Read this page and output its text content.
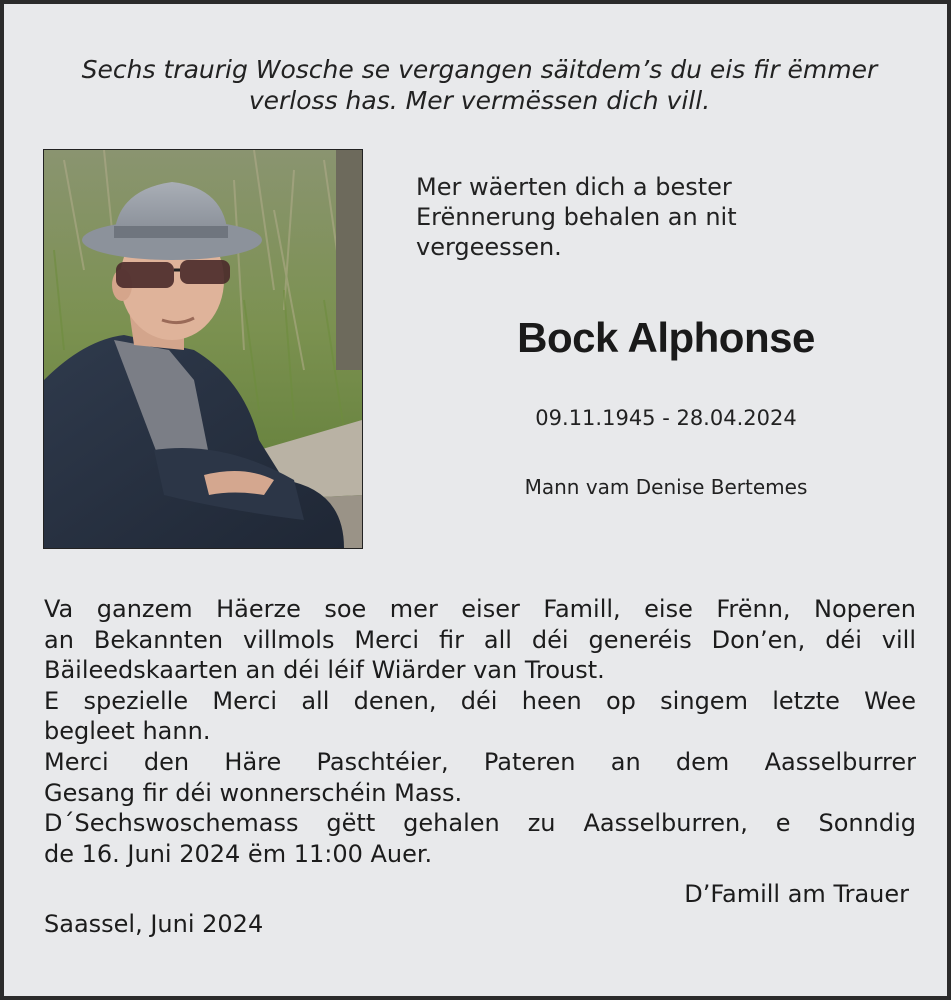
Sechs traurig Wosche se vergangen säitdem’s du eis fir ëmmer
verloss has. Mer vermëssen dich vill.
Mer wäerten dich a bester
Erënnerung behalen an nit
vergeessen.
Bock Alphonse
09.11.1945 - 28.04.2024
Mann vam Denise Bertemes
Va ganzem Häerze soe mer eiser Famill, eise Frënn, Noperen
an Bekannten villmols Merci fir all déi generéis Don’en, déi vill
Bäileedskaarten an déi léif Wiärder van Troust.
E spezielle Merci all denen, déi heen op singem letzte Wee
begleet hann.
Merci den Häre Paschtéier, Pateren an dem Aasselburrer
Gesang fir déi wonnerschéin Mass.
D´Sechswoschemass gëtt gehalen zu Aasselburren, e Sonndig
de 16. Juni 2024 ëm 11:00 Auer.
D’Famill am Trauer
Saassel, Juni 2024
